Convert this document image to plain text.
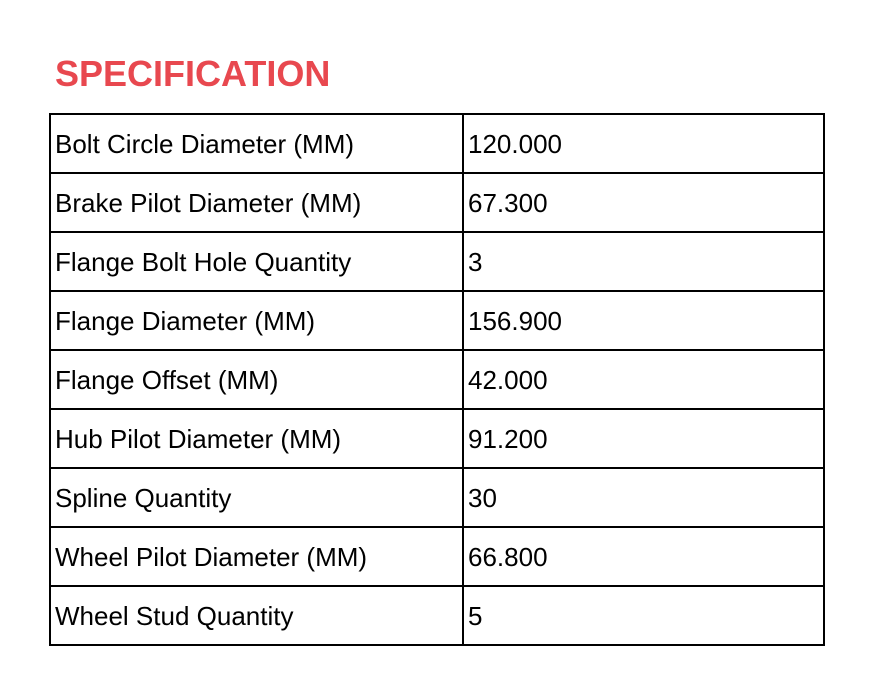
SPECIFICATION
Bolt Circle Diameter (MM)	120.000
Brake Pilot Diameter (MM)	67.300
Flange Bolt Hole Quantity	3
Flange Diameter (MM)	156.900
Flange Offset (MM)	42.000
Hub Pilot Diameter (MM)	91.200
Spline Quantity	30
Wheel Pilot Diameter (MM)	66.800
Wheel Stud Quantity	5
